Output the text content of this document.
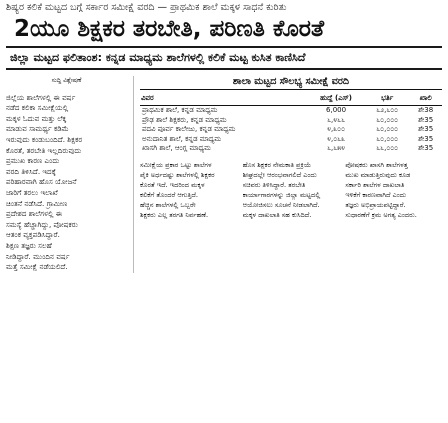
ಶಿಷ್ಯರ ಕಲಿಕೆ ಮಟ್ಟದ ಬಗ್ಗೆ ಸರ್ಕಾರ ಸಮೀಕ್ಷೆ ವರದಿ — ಪ್ರಾಥಮಿಕ ಶಾಲೆ ಮಕ್ಕಳ ಸಾಧನೆ ಕುರಿತು

2ಯೂ ಶಿಕ್ಷಕರ ತರಬೇತಿ, ಪರಿಣತಿ ಕೊರತೆ
ಜಿಲ್ಲಾ ಮಟ್ಟದ ಫಲಿತಾಂಶ: ಕನ್ನಡ ಮಾಧ್ಯಮ ಶಾಲೆಗಳಲ್ಲಿ ಕಲಿಕೆ ಮಟ್ಟ ಕುಸಿತ ಕಾಣಿಸಿದೆ
ಸುದ್ದಿ ವಿಶ್ಲೇಷಣೆ

ಜಿಲ್ಲೆಯ ಶಾಲೆಗಳಲ್ಲಿ ಈ ವರ್ಷ

ನಡೆದ ಕಲಿಕಾ ಸಮೀಕ್ಷೆಯಲ್ಲಿ

ಮಕ್ಕಳ ಓದುವ ಮತ್ತು ಲೆಕ್ಕ

ಮಾಡುವ ಸಾಮರ್ಥ್ಯ ಕಡಿಮೆ

ಇರುವುದು ಕಂಡುಬಂದಿದೆ. ಶಿಕ್ಷಕರ

ಕೊರತೆ, ತರಬೇತಿ ಇಲ್ಲದಿರುವುದು

ಪ್ರಮುಖ ಕಾರಣ ಎಂದು

ವರದಿ ತಿಳಿಸಿದೆ. ಇದಕ್ಕೆ

ಪರಿಹಾರವಾಗಿ ಹೊಸ ಯೋಜನೆ

ಜಾರಿಗೆ ತರಲು ಇಲಾಖೆ

ಚಿಂತನೆ ನಡೆಸಿದೆ. ಗ್ರಾಮೀಣ

ಪ್ರದೇಶದ ಶಾಲೆಗಳಲ್ಲಿ ಈ

ಸಮಸ್ಯೆ ಹೆಚ್ಚಾಗಿದ್ದು, ಪೋಷಕರು

ಆತಂಕ ವ್ಯಕ್ತಪಡಿಸಿದ್ದಾರೆ.

ಶಿಕ್ಷಣ ತಜ್ಞರು ಸಲಹೆ

ನೀಡಿದ್ದಾರೆ. ಮುಂದಿನ ವರ್ಷ

ಮತ್ತೆ ಸಮೀಕ್ಷೆ ನಡೆಯಲಿದೆ.

ಶಾಲಾ ಮಟ್ಟದ ಸೌಲಭ್ಯ ಸಮೀಕ್ಷೆ ವರದಿ
ವಿವರ	ಹುದ್ದೆ (ಎಸ್)	ಭರ್ತಿ	ಖಾಲಿ
ಪ್ರಾಥಮಿಕ ಶಾಲೆ, ಕನ್ನಡ ಮಾಧ್ಯಮ	6,000	೬೨,೬೦೦	ಶೇ38
ಪ್ರೌಢ ಶಾಲೆ ಶಿಕ್ಷಕರು, ಕನ್ನಡ ಮಾಧ್ಯಮ	೬,೪೬೬	೬೦,೦೦೦	ಶೇ35
ಪದವಿ ಪೂರ್ವ ಕಾಲೇಜು, ಕನ್ನಡ ಮಾಧ್ಯಮ	೪,೩೦೦	೬೦,೦೦೦	ಶೇ35
ಅನುದಾನಿತ ಶಾಲೆ, ಕನ್ನಡ ಮಾಧ್ಯಮ	೪,೦೬೩	೬೦,೦೦೦	ಶೇ35
ಖಾಸಗಿ ಶಾಲೆ, ಆಂಗ್ಲ ಮಾಧ್ಯಮ	೬,೬೫೪	೬೬,೦೦೦	ಶೇ35

ಸಮೀಕ್ಷೆಯ ಪ್ರಕಾರ ಒಟ್ಟು ಶಾಲೆಗಳ

ಪೈಕಿ ಅರ್ಧದಷ್ಟು ಶಾಲೆಗಳಲ್ಲಿ ಶಿಕ್ಷಕರ

ಕೊರತೆ ಇದೆ. ಇದರಿಂದ ಮಕ್ಕಳ

ಕಲಿಕೆಗೆ ತೊಂದರೆ ಆಗುತ್ತಿದೆ.

ಹೆಚ್ಚಿನ ಶಾಲೆಗಳಲ್ಲಿ ಒಬ್ಬರೇ

ಶಿಕ್ಷಕರು ಎಲ್ಲ ತರಗತಿ ನಿರ್ವಹಣೆ.

ಹೊಸ ಶಿಕ್ಷಕರ ನೇಮಕಾತಿ ಪ್ರಕ್ರಿಯೆ

ಶೀಘ್ರದಲ್ಲೇ ಆರಂಭವಾಗಲಿದೆ ಎಂದು

ಸಚಿವರು ತಿಳಿಸಿದ್ದಾರೆ. ತರಬೇತಿ

ಕಾರ್ಯಾಗಾರಗಳನ್ನು ಜಿಲ್ಲಾ ಮಟ್ಟದಲ್ಲಿ

ಆಯೋಜಿಸಲು ಸೂಚನೆ ನೀಡಲಾಗಿದೆ.

ಮಕ್ಕಳ ದಾಖಲಾತಿ ಸಹ ಕುಸಿದಿದೆ.

ಪೋಷಕರು ಖಾಸಗಿ ಶಾಲೆಗಳತ್ತ

ಮುಖ ಮಾಡುತ್ತಿರುವುದು ಕೂಡ

ಸರ್ಕಾರಿ ಶಾಲೆಗಳ ದಾಖಲಾತಿ

ಇಳಿಕೆಗೆ ಕಾರಣವಾಗಿದೆ ಎಂದು

ತಜ್ಞರು ಅಭಿಪ್ರಾಯಪಟ್ಟಿದ್ದಾರೆ.

ಸುಧಾರಣೆಗೆ ಕ್ರಮ ಅಗತ್ಯ ಎಂದರು.
